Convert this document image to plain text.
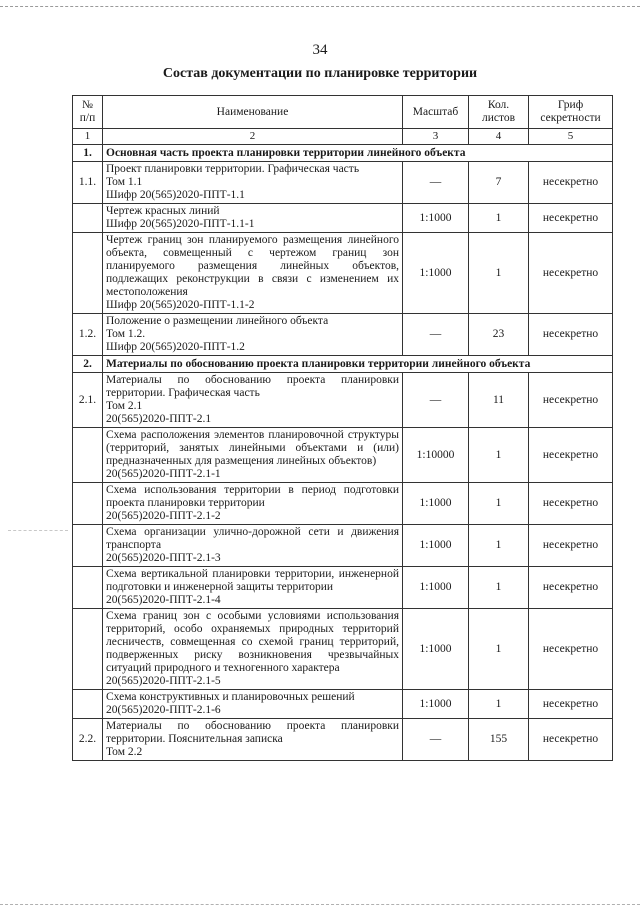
34
Состав документации по планировке территории
№ п/п	Наименование	Масштаб	Кол. листов	Гриф секретности
1	2	3	4	5
1.	Основная часть проекта планировки территории линейного объекта			
1.1.	Проект планировки территории. Графическая часть
Том 1.1
Шифр 20(565)2020-ППТ-1.1	—	7	несекретно

	Чертеж красных линий
Шифр 20(565)2020-ППТ-1.1-1	1:1000	1	несекретно

	Чертеж границ зон планируемого размещения линейного объекта, совмещенный с чертежом границ зон планируемого размещения линейных объектов, подлежащих реконструкции в связи с изменением их местоположения
Шифр 20(565)2020-ППТ-1.1-2	1:1000	1	несекретно
1.2.	Положение о размещении линейного объекта
Том 1.2.
Шифр 20(565)2020-ППТ-1.2	—	23	несекретно
2.	Материалы по обоснованию проекта планировки территории линейного объекта			
2.1.	Материалы по обоснованию проекта планировки территории. Графическая часть
Том 2.1
20(565)2020-ППТ-2.1	—	11	несекретно

	Схема расположения элементов планировочной структуры (территорий, занятых линейными объектами и (или) предназначенных для размещения линейных объектов)
20(565)2020-ППТ-2.1-1	1:10000	1	несекретно

	Схема использования территории в период подготовки проекта планировки территории
20(565)2020-ППТ-2.1-2	1:1000	1	несекретно

	Схема организации улично-дорожной сети и движения транспорта
20(565)2020-ППТ-2.1-3	1:1000	1	несекретно

	Схема вертикальной планировки территории, инженерной подготовки и инженерной защиты территории
20(565)2020-ППТ-2.1-4	1:1000	1	несекретно

	Схема границ зон с особыми условиями использования территорий, особо охраняемых природных территорий лесничеств, совмещенная со схемой границ территорий, подверженных риску возникновения чрезвычайных ситуаций природного и техногенного характера
20(565)2020-ППТ-2.1-5	1:1000	1	несекретно

	Схема конструктивных и планировочных решений
20(565)2020-ППТ-2.1-6	1:1000	1	несекретно
2.2.	Материалы по обоснованию проекта планировки территории. Пояснительная записка
Том 2.2	—	155	несекретно
